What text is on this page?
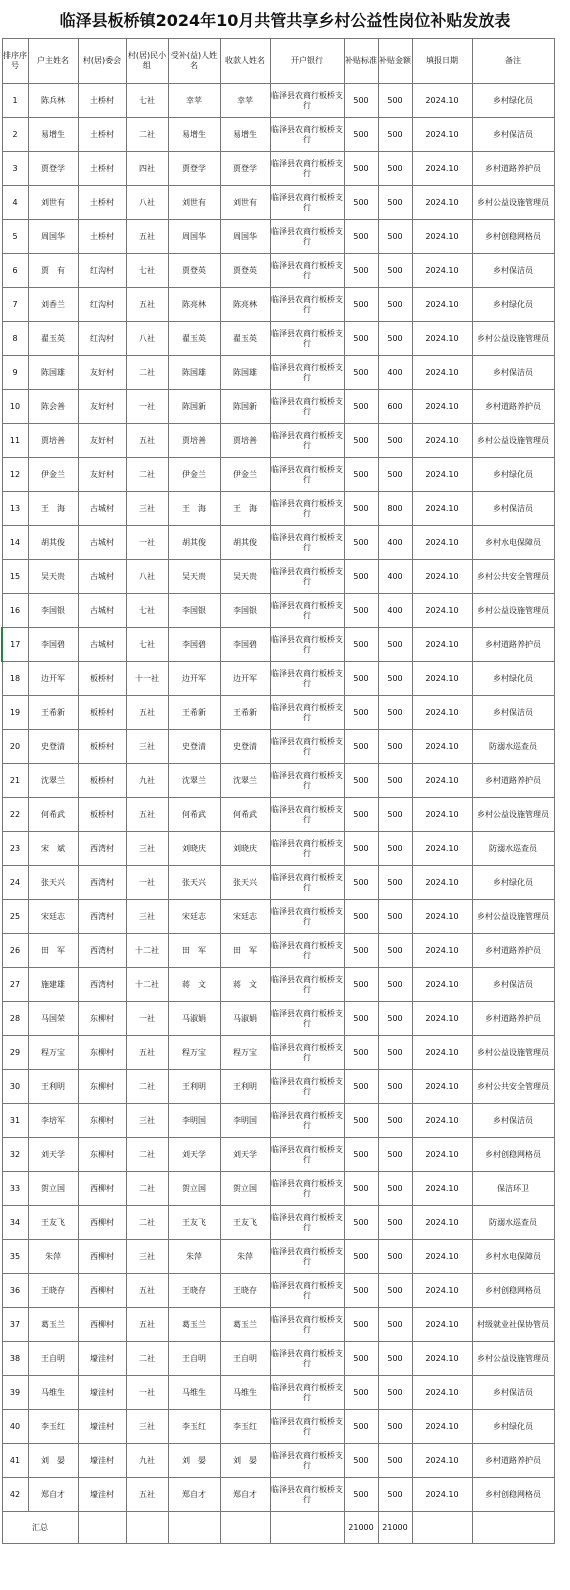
临泽县板桥镇2024年10月共管共享乡村公益性岗位补贴发放表
排序序号	户主姓名	村(居)委会	村(居)民小组	受补(益)人姓名	收款人姓名	开户银行	补贴标准	补贴金额	填报日期	备注
1	陈兵林	土桥村	七社	幸苹	幸苹	临泽县农商行板桥支行	500	500	2024.10	乡村绿化员
2	易增生	土桥村	二社	易增生	易增生	临泽县农商行板桥支行	500	500	2024.10	乡村保洁员
3	贾登学	土桥村	四社	贾登学	贾登学	临泽县农商行板桥支行	500	500	2024.10	乡村道路养护员
4	刘世有	土桥村	八社	刘世有	刘世有	临泽县农商行板桥支行	500	500	2024.10	乡村公益设施管理员
5	周国华	土桥村	五社	周国华	周国华	临泽县农商行板桥支行	500	500	2024.10	乡村创稳网格员
6	贾　有	红沟村	七社	贾登英	贾登英	临泽县农商行板桥支行	500	500	2024.10	乡村保洁员
7	刘香兰	红沟村	五社	陈亮林	陈亮林	临泽县农商行板桥支行	500	500	2024.10	乡村绿化员
8	翟玉英	红沟村	八社	翟玉英	翟玉英	临泽县农商行板桥支行	500	500	2024.10	乡村公益设施管理员
9	陈国雄	友好村	二社	陈国雄	陈国雄	临泽县农商行板桥支行	500	400	2024.10	乡村保洁员
10	陈会善	友好村	一社	陈国新	陈国新	临泽县农商行板桥支行	500	600	2024.10	乡村道路养护员
11	贾培善	友好村	五社	贾培善	贾培善	临泽县农商行板桥支行	500	500	2024.10	乡村公益设施管理员
12	伊金兰	友好村	二社	伊金兰	伊金兰	临泽县农商行板桥支行	500	500	2024.10	乡村绿化员
13	王　海	古城村	三社	王　海	王　海	临泽县农商行板桥支行	500	800	2024.10	乡村保洁员
14	胡其俊	古城村	一社	胡其俊	胡其俊	临泽县农商行板桥支行	500	400	2024.10	乡村水电保障员
15	吴天贵	古城村	八社	吴天贵	吴天贵	临泽县农商行板桥支行	500	400	2024.10	乡村公共安全管理员
16	李国银	古城村	七社	李国银	李国银	临泽县农商行板桥支行	500	400	2024.10	乡村公益设施管理员
17	李国碧	古城村	七社	李国碧	李国碧	临泽县农商行板桥支行	500	500	2024.10	乡村道路养护员
18	边开军	板桥村	十一社	边开军	边开军	临泽县农商行板桥支行	500	500	2024.10	乡村绿化员
19	王希新	板桥村	五社	王希新	王希新	临泽县农商行板桥支行	500	500	2024.10	乡村保洁员
20	史登清	板桥村	三社	史登清	史登清	临泽县农商行板桥支行	500	500	2024.10	防溺水巡查员
21	沈翠兰	板桥村	九社	沈翠兰	沈翠兰	临泽县农商行板桥支行	500	500	2024.10	乡村道路养护员
22	何希武	板桥村	五社	何希武	何希武	临泽县农商行板桥支行	500	500	2024.10	乡村公益设施管理员
23	宋　斌	西湾村	三社	刘晓庆	刘晓庆	临泽县农商行板桥支行	500	500	2024.10	防溺水巡查员
24	张天兴	西湾村	一社	张天兴	张天兴	临泽县农商行板桥支行	500	500	2024.10	乡村绿化员
25	宋廷志	西湾村	三社	宋廷志	宋廷志	临泽县农商行板桥支行	500	500	2024.10	乡村公益设施管理员
26	田　军	西湾村	十二社	田　军	田　军	临泽县农商行板桥支行	500	500	2024.10	乡村道路养护员
27	施建雄	西湾村	十二社	蒋　文	蒋　文	临泽县农商行板桥支行	500	500	2024.10	乡村保洁员
28	马国荣	东柳村	一社	马淑娟	马淑娟	临泽县农商行板桥支行	500	500	2024.10	乡村道路养护员
29	程万宝	东柳村	五社	程万宝	程万宝	临泽县农商行板桥支行	500	500	2024.10	乡村公益设施管理员
30	王利明	东柳村	二社	王利明	王利明	临泽县农商行板桥支行	500	500	2024.10	乡村公共安全管理员
31	李培军	东柳村	三社	李明国	李明国	临泽县农商行板桥支行	500	500	2024.10	乡村保洁员
32	刘天学	东柳村	二社	刘天学	刘天学	临泽县农商行板桥支行	500	500	2024.10	乡村创稳网格员
33	贺立国	西柳村	二社	贺立国	贺立国	临泽县农商行板桥支行	500	500	2024.10	保洁环卫
34	王友飞	西柳村	二社	王友飞	王友飞	临泽县农商行板桥支行	500	500	2024.10	防溺水巡查员
35	朱萍	西柳村	三社	朱萍	朱萍	临泽县农商行板桥支行	500	500	2024.10	乡村水电保障员
36	王晓存	西柳村	五社	王晓存	王晓存	临泽县农商行板桥支行	500	500	2024.10	乡村创稳网格员
37	葛玉兰	西柳村	五社	葛玉兰	葛玉兰	临泽县农商行板桥支行	500	500	2024.10	村级就业社保协管员
38	王自明	壕洼村	二社	王自明	王自明	临泽县农商行板桥支行	500	500	2024.10	乡村公益设施管理员
39	马维生	壕洼村	一社	马维生	马维生	临泽县农商行板桥支行	500	500	2024.10	乡村保洁员
40	李玉红	壕洼村	三社	李玉红	李玉红	临泽县农商行板桥支行	500	500	2024.10	乡村绿化员
41	刘　晏	壕洼村	九社	刘　晏	刘　晏	临泽县农商行板桥支行	500	500	2024.10	乡村道路养护员
42	郑自才	壕洼村	五社	郑自才	郑自才	临泽县农商行板桥支行	500	500	2024.10	乡村创稳网格员
汇总							21000	21000		
